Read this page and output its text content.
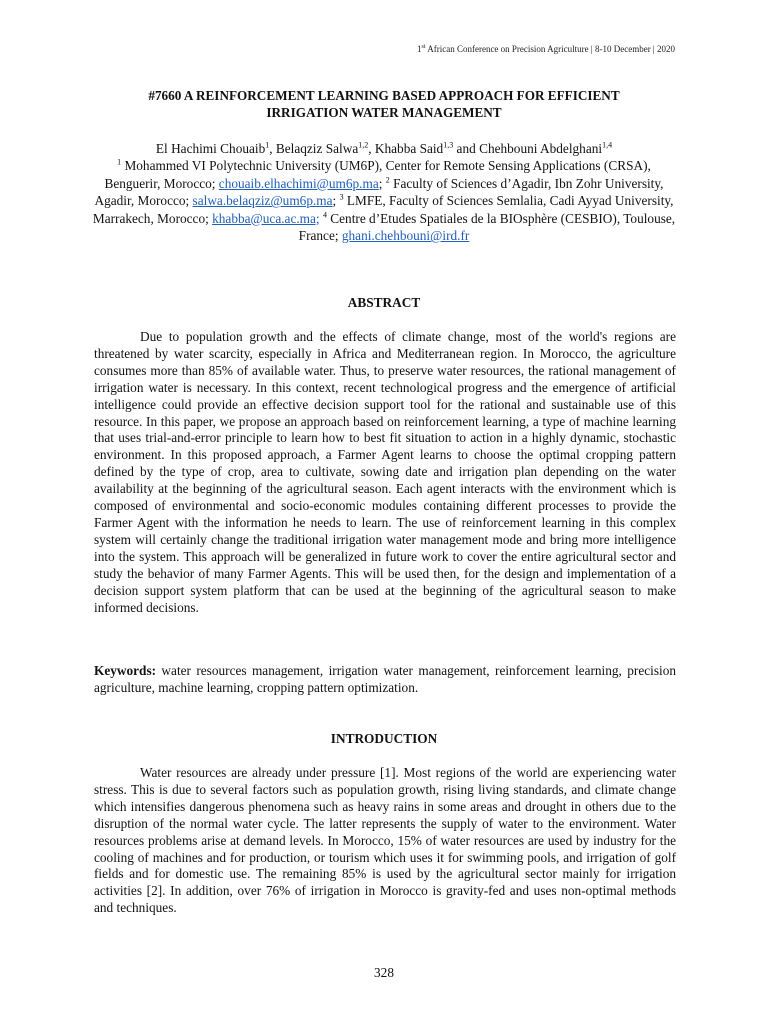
1st African Conference on Precision Agriculture | 8-10 December | 2020
#7660 A REINFORCEMENT LEARNING BASED APPROACH FOR EFFICIENT
IRRIGATION WATER MANAGEMENT
El Hachimi Chouaib$^1$, Belaqziz Salwa$^{1,2}$, Khabba Said$^{1,3}$ and Chehbouni Abdelghani$^{1,4}$
$^1$ Mohammed VI Polytechnic University (UM6P), Center for Remote Sensing Applications (CRSA), Benguerir, Morocco; chouaib.elhachimi@um6p.ma; $^2$ Faculty of Sciences d’Agadir, Ibn Zohr University, Agadir, Morocco; salwa.belaqziz@um6p.ma; $^3$ LMFE, Faculty of Sciences Semlalia, Cadi Ayyad University, Marrakech, Morocco; khabba@uca.ac.ma; $^4$ Centre d’Etudes Spatiales de la BIOsphère (CESBIO), Toulouse, France; ghani.chehbouni@ird.fr
ABSTRACT

Due to population growth and the effects of climate change, most of the world's regions are threatened by water scarcity, especially in Africa and Mediterranean region. In Morocco, the agriculture consumes more than 85% of available water. Thus, to preserve water resources, the rational management of irrigation water is necessary. In this context, recent technological progress and the emergence of artificial intelligence could provide an effective decision support tool for the rational and sustainable use of this resource. In this paper, we propose an approach based on reinforcement learning, a type of machine learning that uses trial-and-error principle to learn how to best fit situation to action in a highly dynamic, stochastic environment. In this proposed approach, a Farmer Agent learns to choose the optimal cropping pattern defined by the type of crop, area to cultivate, sowing date and irrigation plan depending on the water availability at the beginning of the agricultural season. Each agent interacts with the environment which is composed of environmental and socio-economic modules containing different processes to provide the Farmer Agent with the information he needs to learn. The use of reinforcement learning in this complex system will certainly change the traditional irrigation water management mode and bring more intelligence into the system. This approach will be generalized in future work to cover the entire agricultural sector and study the behavior of many Farmer Agents. This will be used then, for the design and implementation of a decision support system platform that can be used at the beginning of the agricultural season to make informed decisions.

Keywords: water resources management, irrigation water management, reinforcement learning, precision agriculture, machine learning, cropping pattern optimization.

INTRODUCTION

Water resources are already under pressure [1]. Most regions of the world are experiencing water stress. This is due to several factors such as population growth, rising living standards, and climate change which intensifies dangerous phenomena such as heavy rains in some areas and drought in others due to the disruption of the normal water cycle. The latter represents the supply of water to the environment. Water resources problems arise at demand levels. In Morocco, 15% of water resources are used by industry for the cooling of machines and for production, or tourism which uses it for swimming pools, and irrigation of golf fields and for domestic use. The remaining 85% is used by the agricultural sector mainly for irrigation activities [2]. In addition, over 76% of irrigation in Morocco is gravity-fed and uses non-optimal methods and techniques.

328
